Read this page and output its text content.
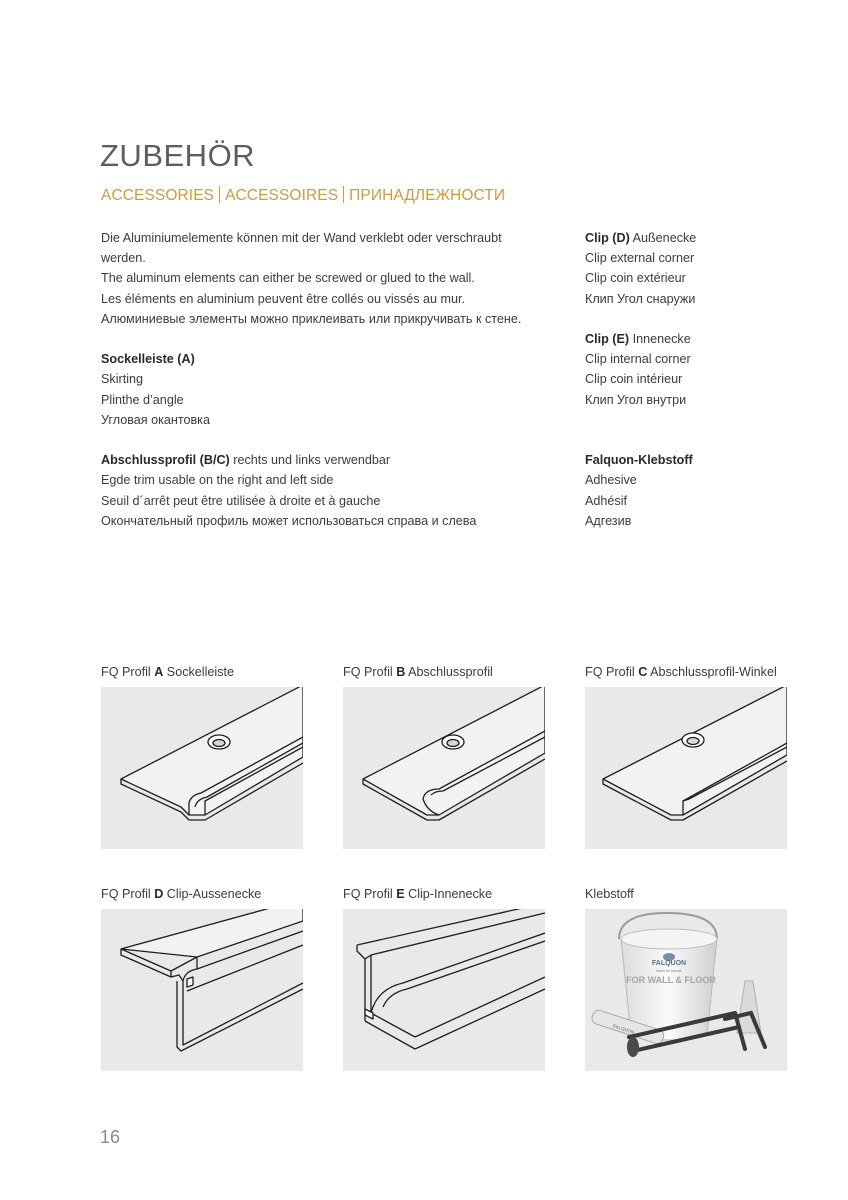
ZUBEHÖR
ACCESSORIES ACCESSOIRES ПРИНАДЛЕЖНОСТИ
Die Aluminiumelemente können mit der Wand verklebt oder verschraubt
werden.
The aluminum elements can either be screwed or glued to the wall.
Les éléments en aluminium peuvent être collés ou vissés au mur.
Алюминиевые элементы можно приклеивать или прикручивать к стене.
Sockelleiste (A)
Skirting
Plinthe d’angle
Угловая окантовка
Abschlussprofil (B/C) rechts und links verwendbar
Egde trim usable on the right and left side
Seuil d´arrêt peut être utilisée à droite et à gauche
Окончательный профиль может использоваться справа и слева
Clip (D) Außenecke
Clip external corner
Clip coin extérieur
Клип Угол снаружи
Clip (E) Innenecke
Clip internal corner
Clip coin intérieur
Клип Угол внутри
Falquon-Klebstoff
Adhesive
Adhésif
Адгезив
FQ Profil A Sockelleiste	FQ Profil B Abschlussprofil	FQ Profil C Abschlussprofil-Winkel
FQ Profil D Clip-Aussenecke	FQ Profil E Clip-Innenecke	Klebstoff
FALQUON
floors for friends
FOR WALL & FLOOR
FALQUON
16
